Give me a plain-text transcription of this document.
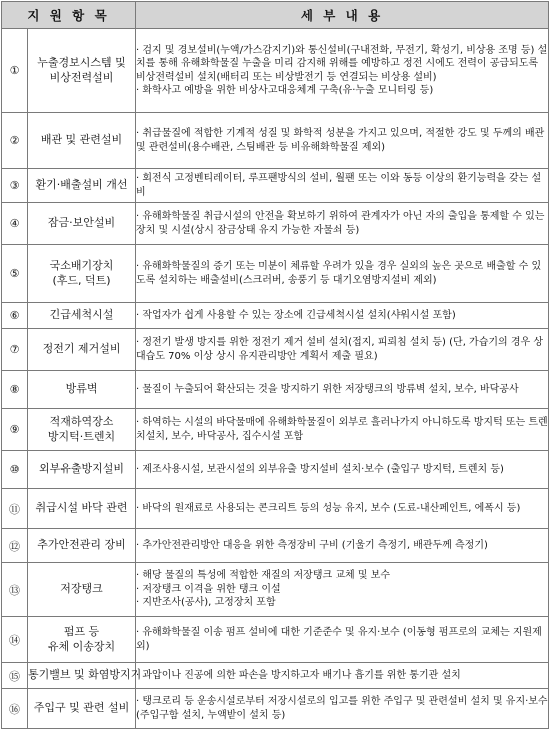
지 원 항 목		세 부 내 용
①	누출경보시스템 및
비상전력설비	· 검지 및 경보설비(누액/가스감지기)와 통신설비(구내전화, 무전기, 확성기, 비상용 조명 등) 설치를 통해 유해화학물질 누출을 미리 감지해 위해를 예방하고 정전 시에도 전력이 공급되도록 비상전력설비 설치(배터리 또는 비상발전기 등 연결되는 비상용 설비)
· 화학사고 예방을 위한 비상사고대응체계 구축(유·누출 모니터링 등)

②	배관 및 관련설비	· 취급물질에 적합한 기계적 성질 및 화학적 성분을 가지고 있으며, 적절한 강도 및 두께의 배관 및 관련설비(용수배관, 스팀배관 등 비유해화학물질 제외)

③	환기·배출설비 개선	· 회전식 고정벤티레이터, 루프팬방식의 설비, 월팬 또는 이와 동등 이상의 환기능력을 갖는 설비

④	잠금·보안설비	· 유해화학물질 취급시설의 안전을 확보하기 위하여 관계자가 아닌 자의 출입을 통제할 수 있는 장치 및 시설(상시 잠금상태 유지 가능한 자물쇠 등)

⑤	국소배기장치
(후드, 덕트)	· 유해화학물질의 증기 또는 미분이 체류할 우려가 있을 경우 실외의 높은 곳으로 배출할 수 있도록 설치하는 배출설비(스크러버, 송풍기 등 대기오염방지설비 제외)

⑥	긴급세척시설	· 작업자가 쉽게 사용할 수 있는 장소에 긴급세척시설 설치(샤워시설 포함)

⑦	정전기 제거설비	· 정전기 발생 방지를 위한 정전기 제거 설비 설치(접지, 피뢰침 설치 등) (단, 가습기의 경우 상대습도 70% 이상 상시 유지관리방안 계획서 제출 필요)

⑧	방류벽	· 물질이 누출되어 확산되는 것을 방지하기 위한 저장탱크의 방류벽 설치, 보수, 바닥공사

⑨	적재하역장소
방지턱·트렌치	· 하역하는 시설의 바닥물매에 유해화학물질이 외부로 흘러나가지 아니하도록 방지턱 또는 트렌치설치, 보수, 바닥공사, 집수시설 포함

⑩	외부유출방지설비	· 제조사용시설, 보관시설의 외부유출 방지설비 설치·보수 (출입구 방지턱, 트렌치 등)

⑪	취급시설 바닥 관련	· 바닥의 원재료로 사용되는 콘크리트 등의 성능 유지, 보수 (도료-내산페인트, 에폭시 등)

⑫	추가안전관리 장비	· 추가안전관리방안 대응을 위한 측정장비 구비 (기울기 측정기, 배관두께 측정기)

⑬	저장탱크	· 해당 물질의 특성에 적합한 재질의 저장탱크 교체 및 보수
· 저장탱크 이격을 위한 탱크 이설
· 지반조사(공사), 고정장치 포함

⑭	펌프 등
유체 이송장치	· 유해화학물질 이송 펌프 설비에 대한 기준준수 및 유지·보수 (이동형 펌프로의 교체는 지원제외)

⑮	통기밸브 및 화염방지기	· 과압이나 진공에 의한 파손을 방지하고자 배기나 흡기를 위한 통기관 설치

⑯	주입구 및 관련 설비	· 탱크로리 등 운송시설로부터 저장시설로의 입고를 위한 주입구 및 관련설비 설치 및 유지·보수(주입구함 설치, 누액받이 설치 등)
